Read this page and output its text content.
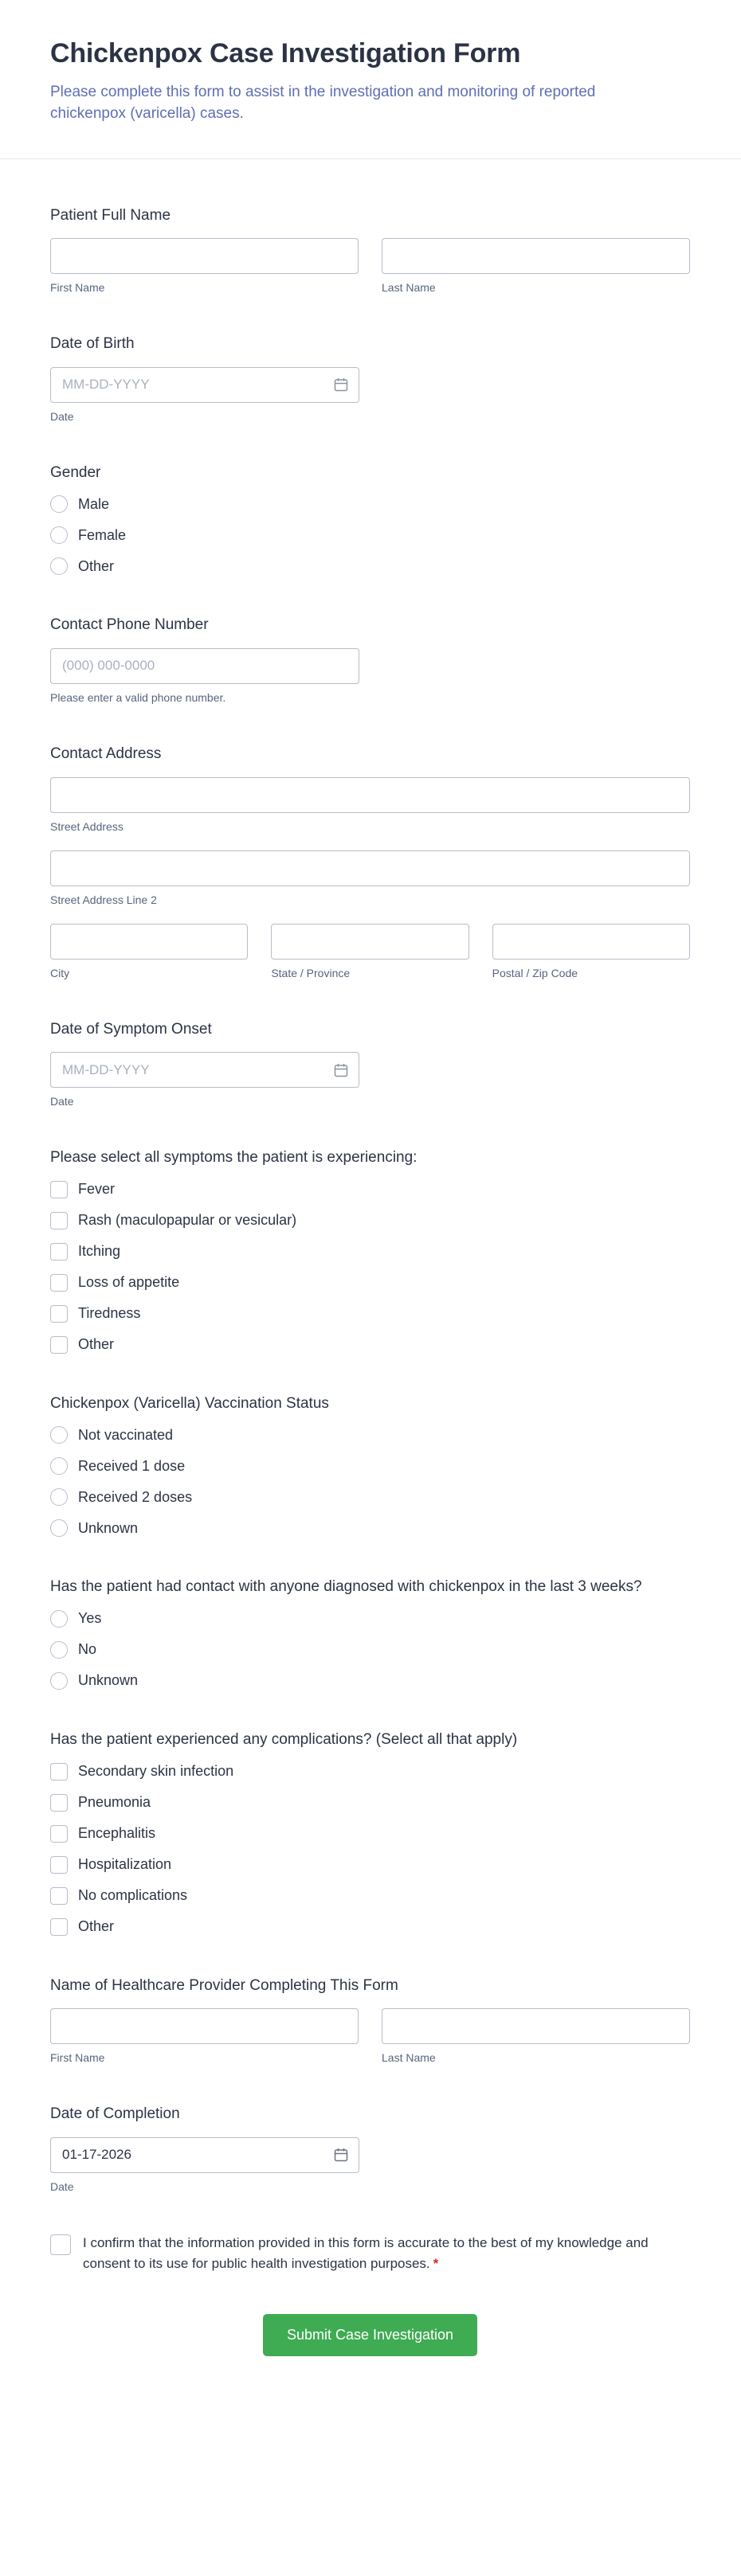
Chickenpox Case Investigation Form

Please complete this form to assist in the investigation and monitoring of reported chickenpox (varicella) cases.

Patient Full Name
First Name	Last Name
Date of Birth
MM-DD-YYYY
Date
Gender
Male
Female
Other
Contact Phone Number
(000) 000-0000
Please enter a valid phone number.
Contact Address
Street Address
Street Address Line 2
City	State / Province	Postal / Zip Code
Date of Symptom Onset
MM-DD-YYYY
Date
Please select all symptoms the patient is experiencing:
Fever
Rash (maculopapular or vesicular)
Itching
Loss of appetite
Tiredness
Other
Chickenpox (Varicella) Vaccination Status
Not vaccinated
Received 1 dose
Received 2 doses
Unknown
Has the patient had contact with anyone diagnosed with chickenpox in the last 3 weeks?
Yes
No
Unknown
Has the patient experienced any complications? (Select all that apply)
Secondary skin infection
Pneumonia
Encephalitis
Hospitalization
No complications
Other
Name of Healthcare Provider Completing This Form
First Name	Last Name
Date of Completion
01-17-2026
Date
I confirm that the information provided in this form is accurate to the best of my knowledge and consent to its use for public health investigation purposes. *
Submit Case Investigation
